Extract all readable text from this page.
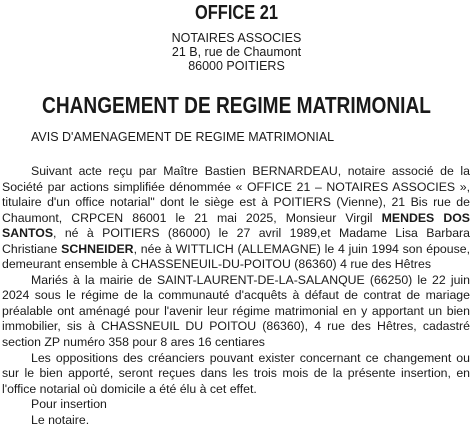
OFFICE 21
NOTAIRES ASSOCIES
21 B, rue de Chaumont
86000 POITIERS
CHANGEMENT DE REGIME MATRIMONIAL
AVIS D'AMENAGEMENT DE REGIME MATRIMONIAL

Suivant acte reçu par Maître Bastien BERNARDEAU, notaire associé de la Société par actions simplifiée dénommée « OFFICE 21 – NOTAIRES ASSOCIES », titulaire d'un office notarial" dont le siège est à POITIERS (Vienne), 21 Bis rue de Chaumont, CRPCEN 86001 le 21 mai 2025, Monsieur Virgil MENDES DOS SANTOS, né à POITIERS (86000) le 27 avril 1989,et Madame Lisa Barbara Christiane SCHNEIDER, née à WITTLICH (ALLEMAGNE) le 4 juin 1994 son épouse, demeurant ensemble à CHASSENEUIL-DU-POITOU (86360) 4 rue des Hêtres

Mariés à la mairie de SAINT-LAURENT-DE-LA-SALANQUE (66250) le 22 juin 2024 sous le régime de la communauté d'acquêts à défaut de contrat de mariage préalable ont aménagé pour l'avenir leur régime matrimonial en y apportant un bien immobilier, sis à CHASSNEUIL DU POITOU (86360), 4 rue des Hêtres, cadastré section ZP numéro 358 pour 8 ares 16 centiares

Les oppositions des créanciers pouvant exister concernant ce changement ou sur le bien apporté, seront reçues dans les trois mois de la présente insertion, en l'office notarial où domicile a été élu à cet effet.

Pour insertion

Le notaire.
